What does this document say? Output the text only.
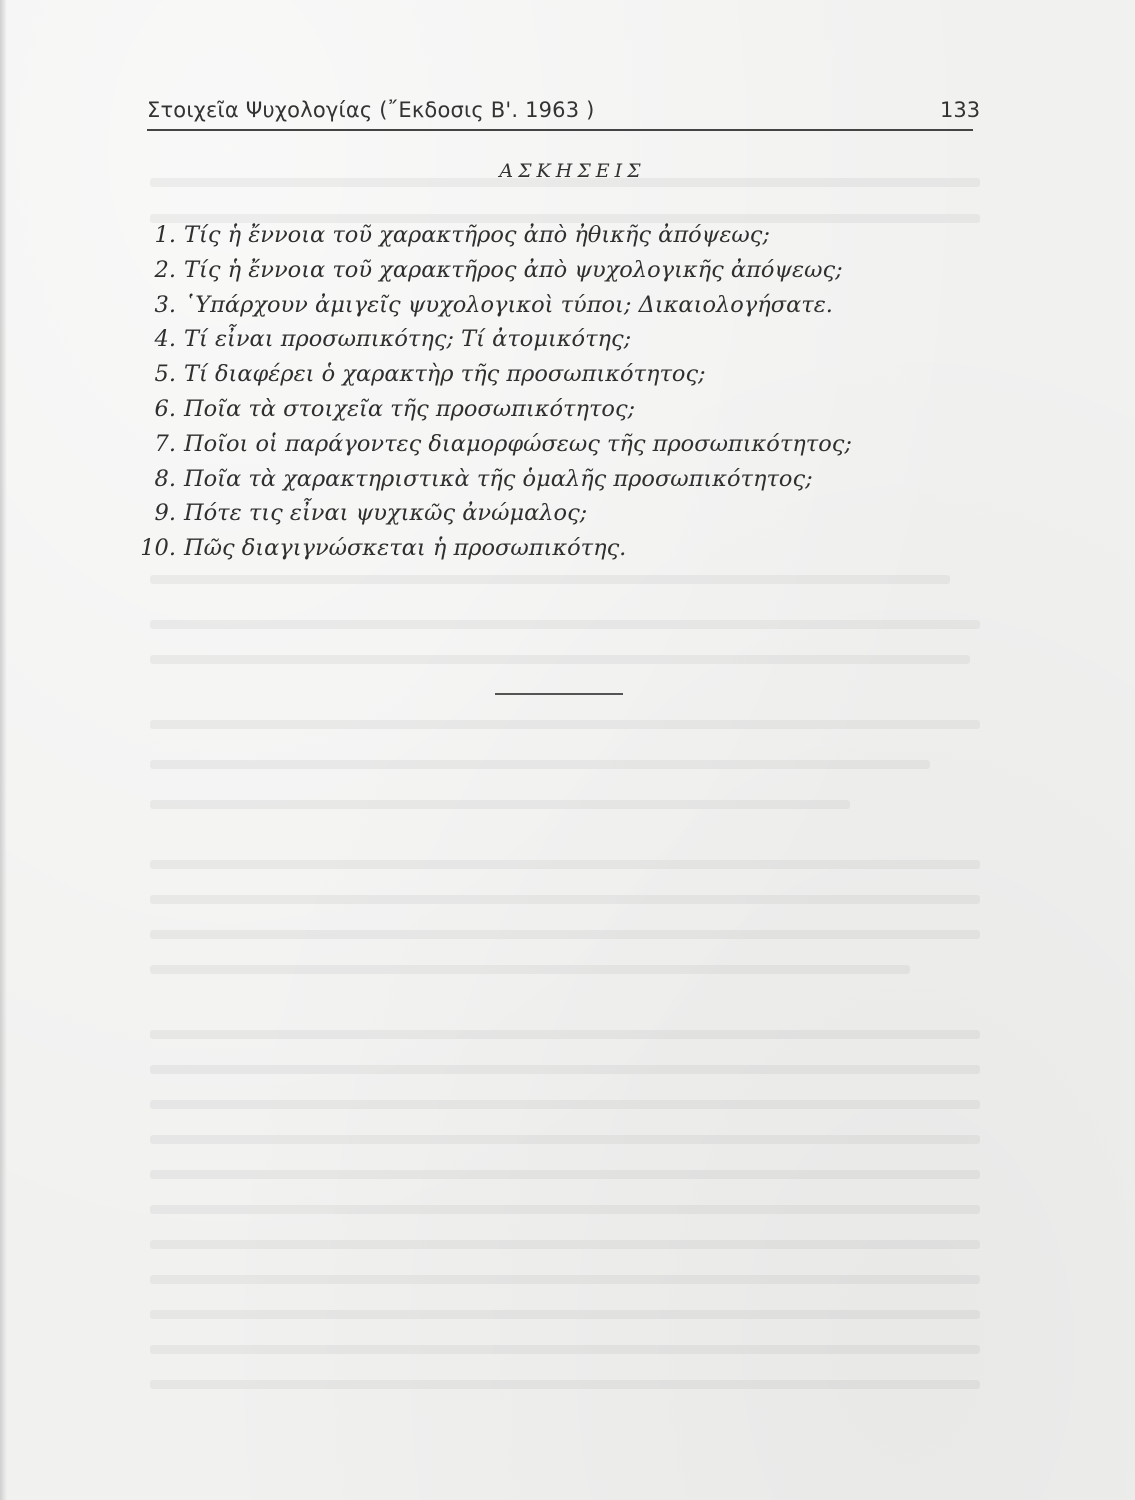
Στοιχεῖα Ψυχολογίας (῎Εκδοσις Β'. 1963 )	133
ΑΣΚΗΣΕΙΣ
1. Τίς ἡ ἔννοια τοῦ χαρακτῆρος ἀπὸ ἠθικῆς ἀπόψεως;
2. Τίς ἡ ἔννοια τοῦ χαρακτῆρος ἀπὸ ψυχολογικῆς ἀπόψεως;
3. ῾Υπάρχουν ἀμιγεῖς ψυχολογικοὶ τύποι; Δικαιολογήσατε.
4. Τί εἶναι προσωπικότης; Τί ἀτομικότης;
5. Τί διαφέρει ὁ χαρακτὴρ τῆς προσωπικότητος;
6. Ποῖα τὰ στοιχεῖα τῆς προσωπικότητος;
7. Ποῖοι οἱ παράγοντες διαμορφώσεως τῆς προσωπικότητος;
8. Ποῖα τὰ χαρακτηριστικὰ τῆς ὁμαλῆς προσωπικότητος;
9. Πότε τις εἶναι ψυχικῶς ἀνώμαλος;
10. Πῶς διαγιγνώσκεται ἡ προσωπικότης.
